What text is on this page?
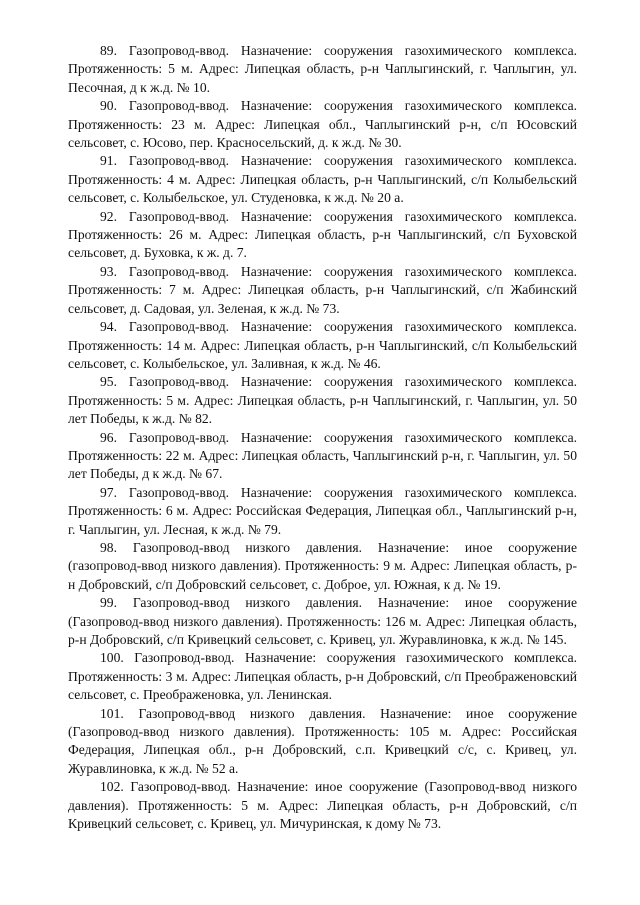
89. Газопровод-ввод. Назначение: сооружения газохимического комплекса. Протяженность: 5 м. Адрес: Липецкая область, р-н Чаплыгинский, г. Чаплыгин, ул. Песочная, д к ж.д. № 10.

90. Газопровод-ввод. Назначение: сооружения газохимического комплекса. Протяженность: 23 м. Адрес: Липецкая обл., Чаплыгинский р-н, с/п Юсовский сельсовет, с. Юсово, пер. Красносельский, д. к ж.д. № 30.

91. Газопровод-ввод. Назначение: сооружения газохимического комплекса. Протяженность: 4 м. Адрес: Липецкая область, р-н Чаплыгинский, с/п Колыбельский сельсовет, с. Колыбельское, ул. Студеновка, к ж.д. № 20 а.

92. Газопровод-ввод. Назначение: сооружения газохимического комплекса. Протяженность: 26 м. Адрес: Липецкая область, р-н Чаплыгинский, с/п Буховской сельсовет, д. Буховка, к ж. д. 7.

93. Газопровод-ввод. Назначение: сооружения газохимического комплекса. Протяженность: 7 м. Адрес: Липецкая область, р-н Чаплыгинский, с/п Жабинский сельсовет, д. Садовая, ул. Зеленая, к ж.д. № 73.

94. Газопровод-ввод. Назначение: сооружения газохимического комплекса. Протяженность: 14 м. Адрес: Липецкая область, р-н Чаплыгинский, с/п Колыбельский сельсовет, с. Колыбельское, ул. Заливная, к ж.д. № 46.

95. Газопровод-ввод. Назначение: сооружения газохимического комплекса. Протяженность: 5 м. Адрес: Липецкая область, р-н Чаплыгинский, г. Чаплыгин, ул. 50 лет Победы, к ж.д. № 82.

96. Газопровод-ввод. Назначение: сооружения газохимического комплекса. Протяженность: 22 м. Адрес: Липецкая область, Чаплыгинский р-н, г. Чаплыгин, ул. 50 лет Победы, д к ж.д. № 67.

97. Газопровод-ввод. Назначение: сооружения газохимического комплекса. Протяженность: 6 м. Адрес: Российская Федерация, Липецкая обл., Чаплыгинский р-н, г. Чаплыгин, ул. Лесная, к ж.д. № 79.

98. Газопровод-ввод низкого давления. Назначение: иное сооружение (газопровод-ввод низкого давления). Протяженность: 9 м. Адрес: Липецкая область, р-н Добровский, с/п Добровский сельсовет, с. Доброе, ул. Южная, к д. № 19.

99. Газопровод-ввод низкого давления. Назначение: иное сооружение (Газопровод-ввод низкого давления). Протяженность: 126 м. Адрес: Липецкая область, р-н Добровский, с/п Кривецкий сельсовет, с. Кривец, ул. Журавлиновка, к ж.д. № 145.

100. Газопровод-ввод. Назначение: сооружения газохимического комплекса. Протяженность: 3 м. Адрес: Липецкая область, р-н Добровский, с/п Преображеновский сельсовет, с. Преображеновка, ул. Ленинская.

101. Газопровод-ввод низкого давления. Назначение: иное сооружение (Газопровод-ввод низкого давления). Протяженность: 105 м. Адрес: Российская Федерация, Липецкая обл., р-н Добровский, с.п. Кривецкий с/с, с. Кривец, ул. Журавлиновка, к ж.д. № 52 а.

102. Газопровод-ввод. Назначение: иное сооружение (Газопровод-ввод низкого давления). Протяженность: 5 м. Адрес: Липецкая область, р-н Добровский, с/п Кривецкий сельсовет, с. Кривец, ул. Мичуринская, к дому № 73.
